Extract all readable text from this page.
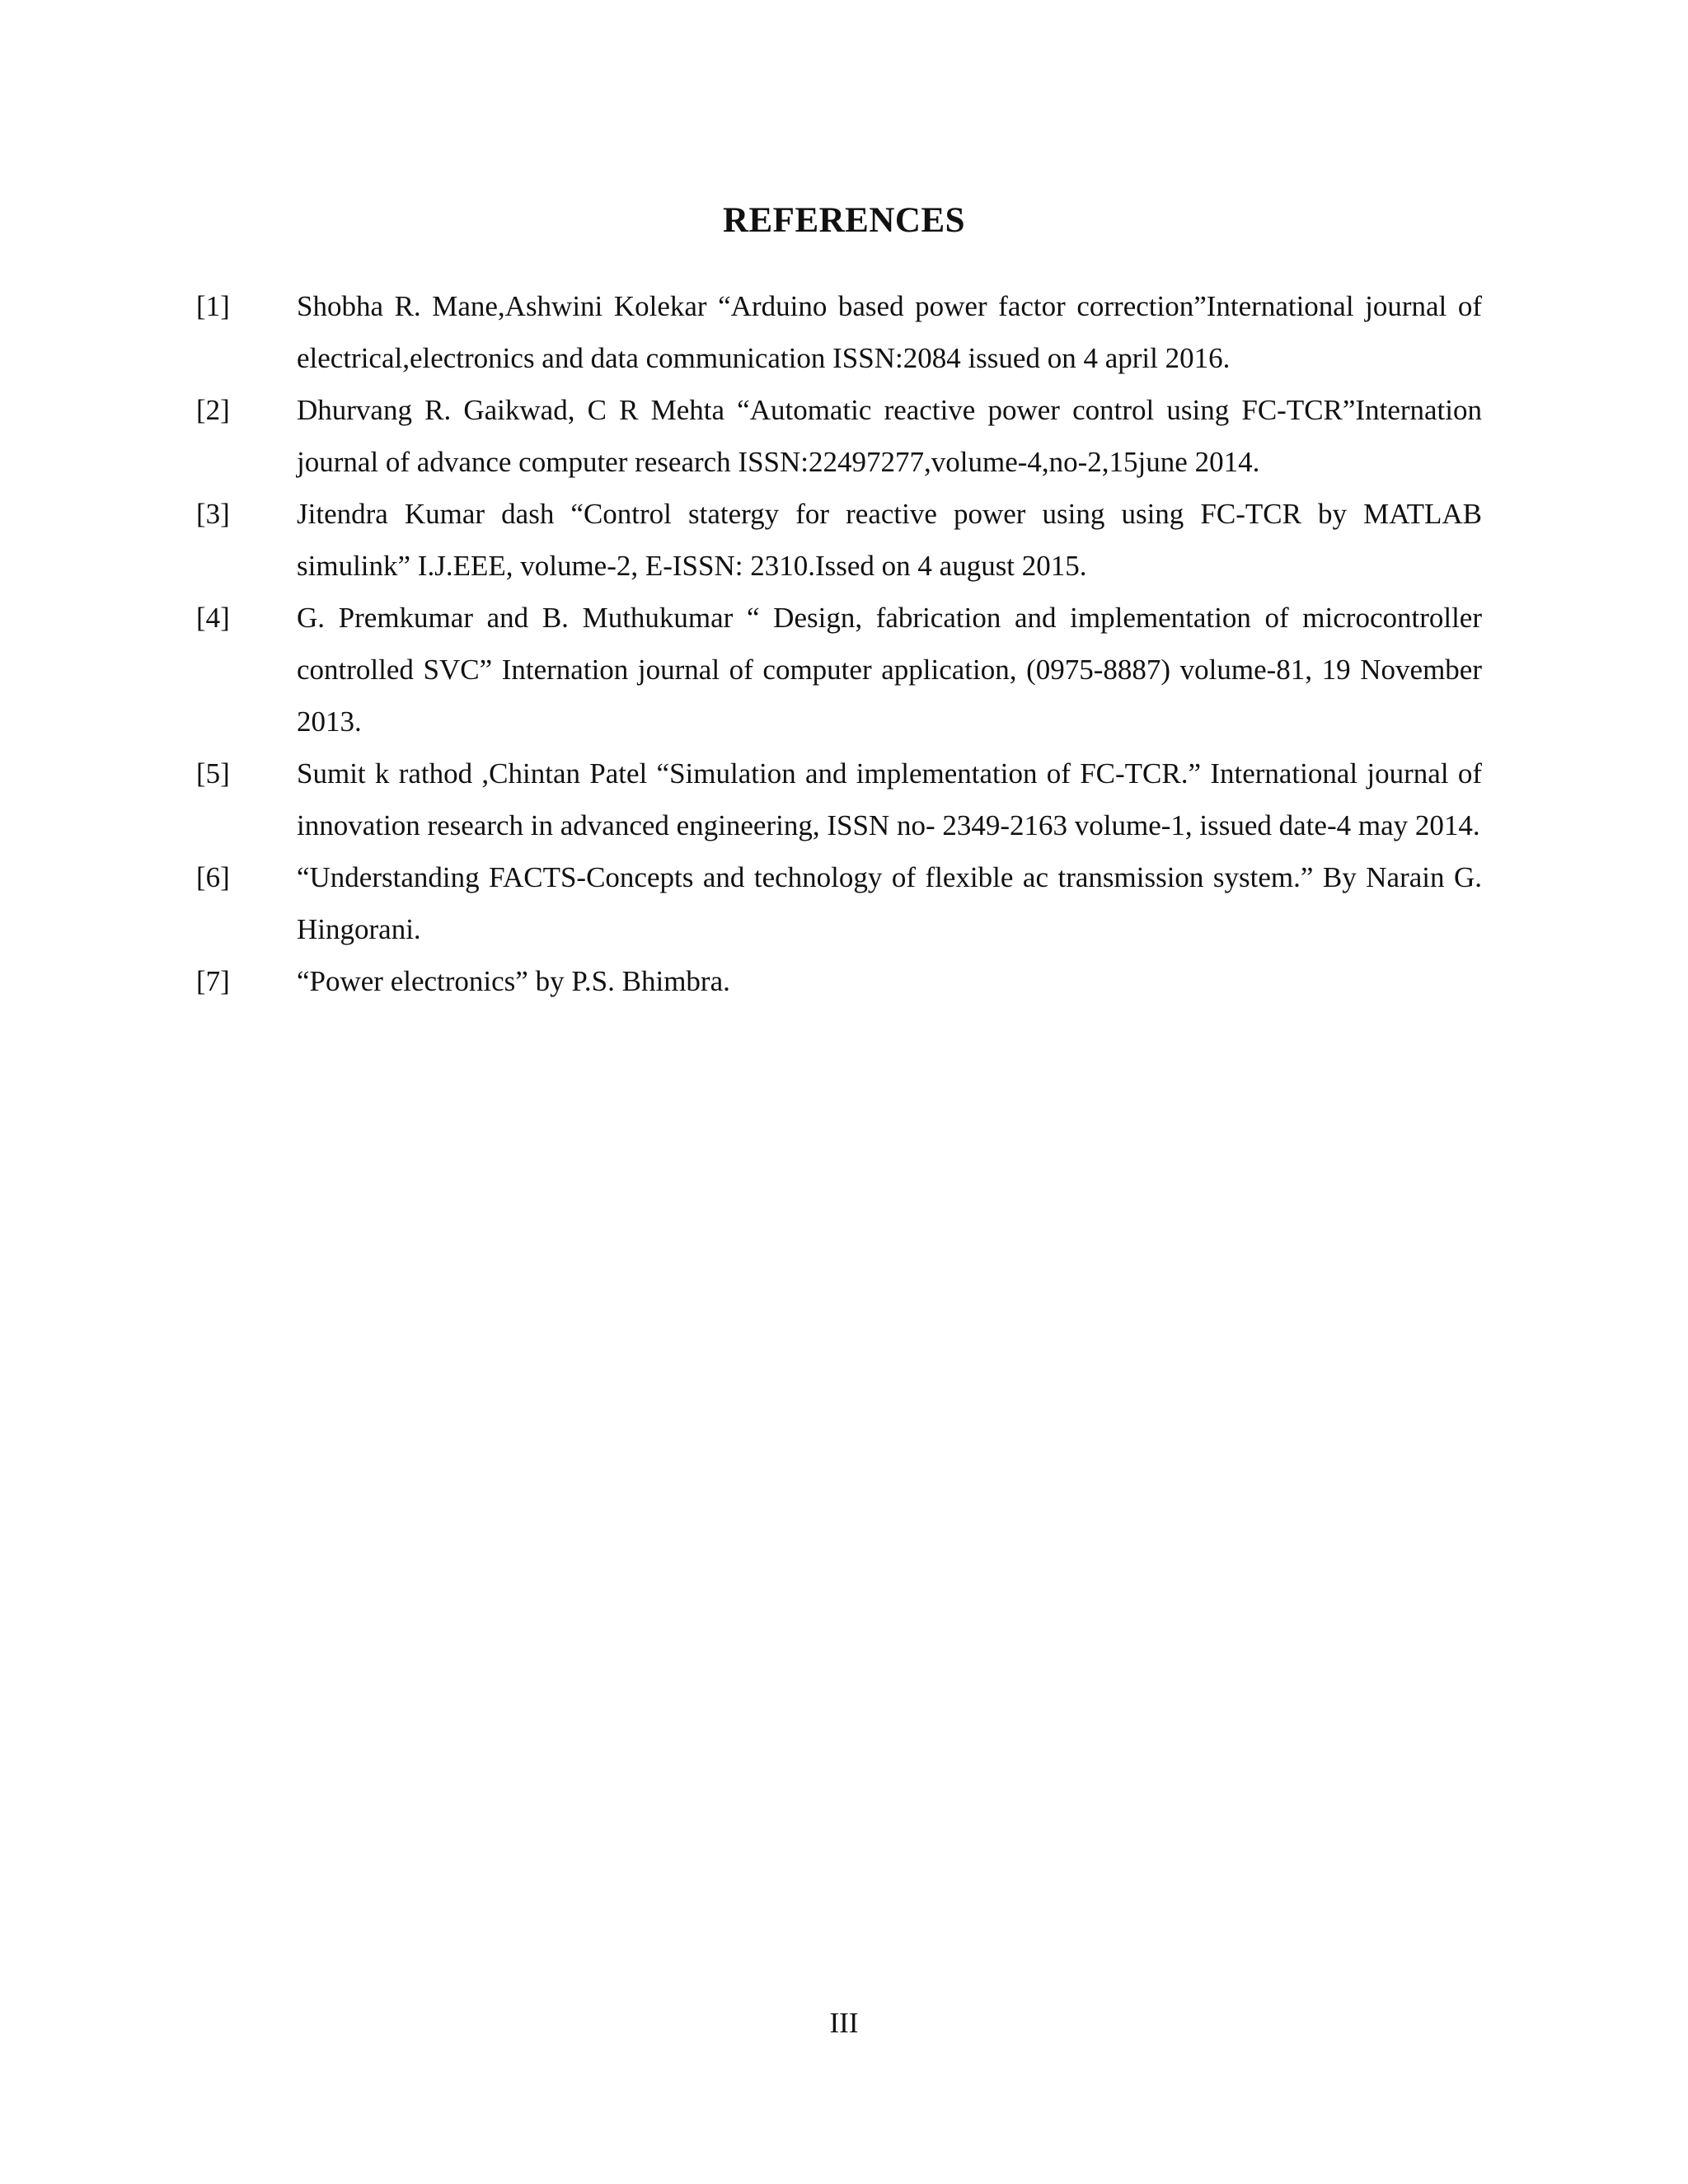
REFERENCES
[1] Shobha R. Mane,Ashwini Kolekar “Arduino based power factor correction”International journal of electrical,electronics and data communication ISSN:2084 issued on 4 april 2016.
[2] Dhurvang R. Gaikwad, C R Mehta “Automatic reactive power control using FC-TCR”Internation journal of advance computer research ISSN:22497277,volume-4,no-2,15june 2014.
[3] Jitendra Kumar dash “Control statergy for reactive power using using FC-TCR by MATLAB simulink” I.J.EEE, volume-2, E-ISSN: 2310.Issed on 4 august 2015.
[4] G. Premkumar and B. Muthukumar “ Design, fabrication and implementation of microcontroller controlled SVC” Internation journal of computer application, (0975-8887) volume-81, 19 November 2013.
[5] Sumit k rathod ,Chintan Patel “Simulation and implementation of FC-TCR.” International journal of innovation research in advanced engineering, ISSN no- 2349-2163 volume-1, issued date-4 may 2014.
[6] “Understanding FACTS-Concepts and technology of flexible ac transmission system.” By Narain G. Hingorani.
[7] “Power electronics” by P.S. Bhimbra.
III
